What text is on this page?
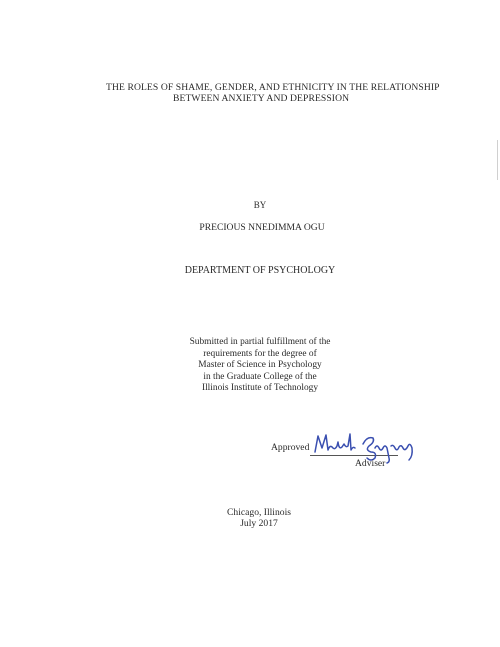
THE ROLES OF SHAME, GENDER, AND ETHNICITY IN THE RELATIONSHIP
BETWEEN ANXIETY AND DEPRESSION
BY
PRECIOUS NNEDIMMA OGU
DEPARTMENT OF PSYCHOLOGY
Submitted in partial fulfillment of the
requirements for the degree of
Master of Science in Psychology
in the Graduate College of the
Illinois Institute of Technology
Approved
Adviser
Chicago, Illinois
July 2017
